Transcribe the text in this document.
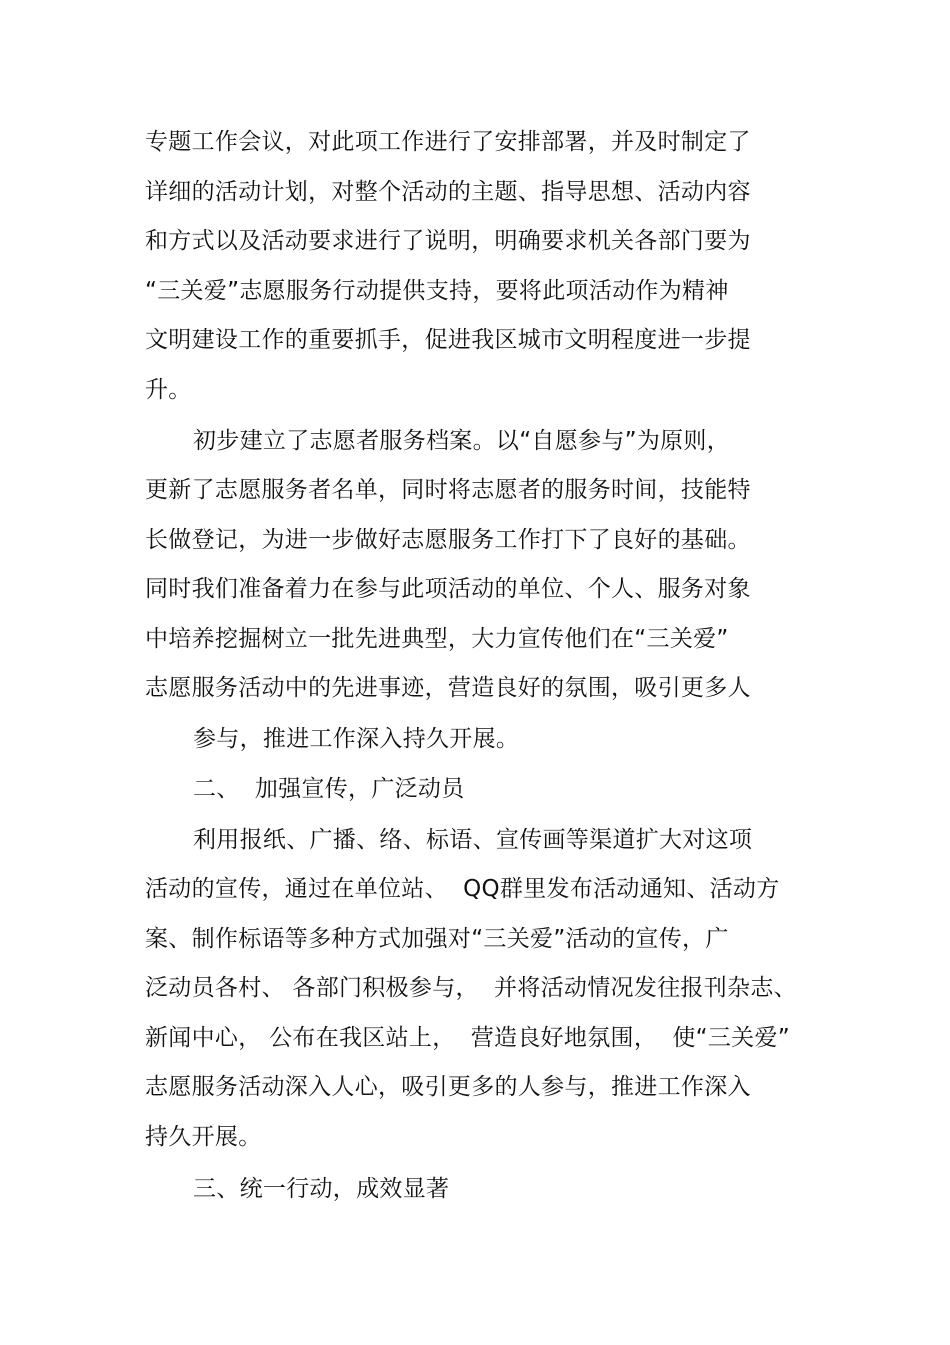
专题工作会议，对此项工作进行了安排部署，并及时制定了
详细的活动计划，对整个活动的主题、指导思想、活动内容
和方式以及活动要求进行了说明，明确要求机关各部门要为
“三关爱”志愿服务行动提供支持，要将此项活动作为精神
文明建设工作的重要抓手，促进我区城市文明程度进一步提
升。
初步建立了志愿者服务档案。以“自愿参与”为原则，
更新了志愿服务者名单，同时将志愿者的服务时间，技能特
长做登记，为进一步做好志愿服务工作打下了良好的基础。
同时我们准备着力在参与此项活动的单位、个人、服务对象
中培养挖掘树立一批先进典型，大力宣传他们在“三关爱”
志愿服务活动中的先进事迹，营造良好的氛围，吸引更多人
参与，推进工作深入持久开展。
二、  加强宣传，广泛动员
利用报纸、广播、络、标语、宣传画等渠道扩大对这项
活动的宣传，通过在单位站、  QQ群里发布活动通知、活动方
案、制作标语等多种方式加强对“三关爱”活动的宣传，广
泛动员各村、 各部门积极参与，  并将活动情况发往报刊杂志、
新闻中心， 公布在我区站上，  营造良好地氛围，  使“三关爱”
志愿服务活动深入人心，吸引更多的人参与，推进工作深入
持久开展。
三、统一行动，成效显著
